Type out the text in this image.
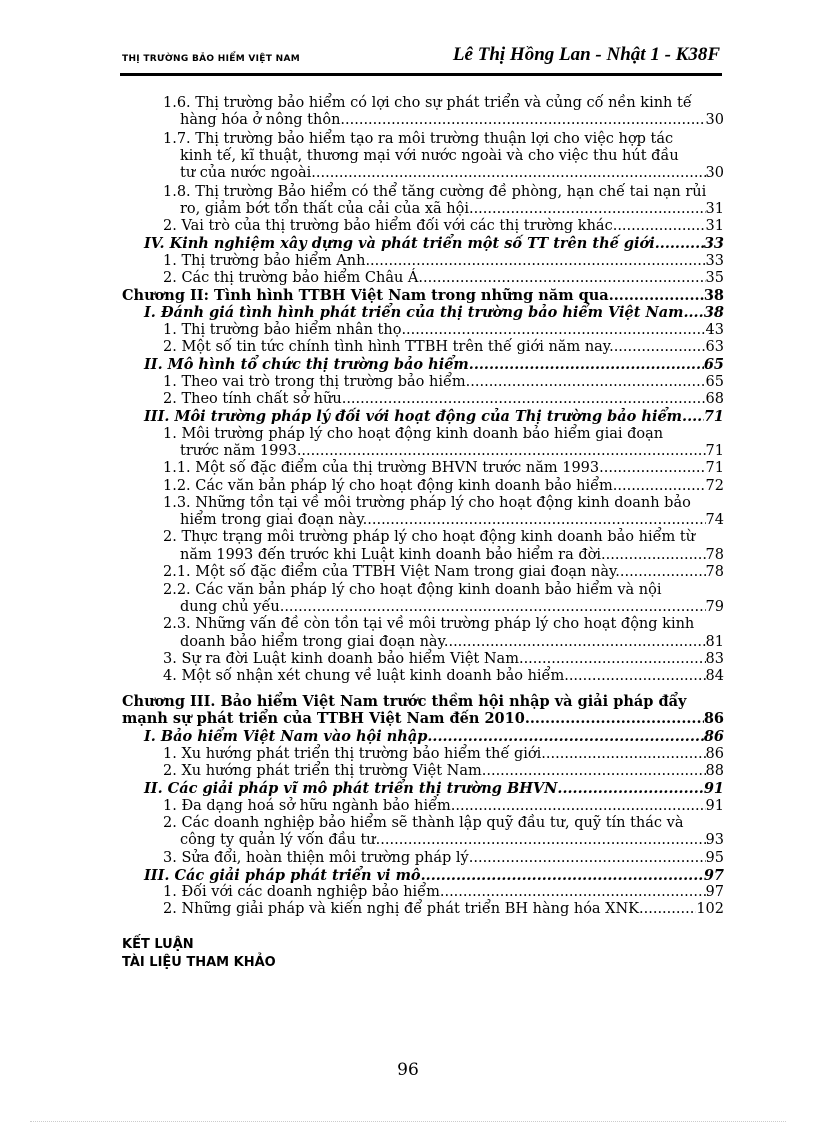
THỊ TRƯỜNG BẢO HIỂM VIỆT NAM	Lê Thị Hồng Lan - Nhật 1 - K38F
1.6. Thị trường bảo hiểm có lợi cho sự phát triển và củng cố nền kinh tế
hàng hóa ở nông thôn. .....	30
1.7. Thị trường bảo hiểm tạo ra môi trường thuận lợi cho việc hợp tác
kinh tế, kĩ thuật, thương mại với nước ngoài và cho việc thu hút đầu
tư của nước ngoài. .....	30
1.8. Thị trường Bảo hiểm có thể tăng cường đề phòng, hạn chế tai nạn rủi
ro, giảm bớt tổn thất của cải của xã hội. .....	31
2. Vai trò của thị trường bảo hiểm đối với các thị trường khác. .....	31
IV. Kinh nghiệm xây dựng và phát triển một số TT trên thế giới .....	33
1. Thị trường bảo hiểm Anh .....	33
2. Các thị trường bảo hiểm Châu Á .....	35
Chương II: Tình hình TTBH Việt Nam trong những năm qua .....	38
I. Đánh giá tình hình phát triển của thị trường bảo hiểm Việt Nam ..... 38
1. Thị trường bảo hiểm nhân thọ .....	43
2. Một số tin tức chính tình hình TTBH trên thế giới năm nay. .....	63
II. Mô hình tổ chức thị trường bảo hiểm. .....	65
1. Theo vai trò trong thị trường bảo hiểm. .....	65
2. Theo tính chất sở hữu. .....	68
III. Môi trường pháp lý đối với hoạt động của Thị trường bảo hiểm. ..... 71
1. Môi trường pháp lý cho hoạt động kinh doanh bảo hiểm giai đoạn
trước năm 1993 .....	71
1.1. Một số đặc điểm của thị trường BHVN trước năm 1993 .....	71
1.2. Các văn bản pháp lý cho hoạt động kinh doanh bảo hiểm. .....	72
1.3. Những tồn tại về môi trường pháp lý cho hoạt động kinh doanh bảo
hiểm trong giai đoạn này. .....	74
2. Thực trạng môi trường pháp lý cho hoạt động kinh doanh bảo hiểm từ
năm 1993 đến trước khi Luật kinh doanh bảo hiểm ra đời .....	78
2.1. Một số đặc điểm của TTBH Việt Nam trong giai đoạn này. .....	78
2.2. Các văn bản pháp lý cho hoạt động kinh doanh bảo hiểm và nội
dung chủ yếu .....	79
2.3. Những vấn đề còn tồn tại về môi trường pháp lý cho hoạt động kinh
doanh bảo hiểm trong giai đoạn này. .....	81
3. Sự ra đời Luật kinh doanh bảo hiểm Việt Nam. .....	83
4. Một số nhận xét chung về luật kinh doanh bảo hiểm .....	84
Chương III. Bảo hiểm Việt Nam trước thềm hội nhập và giải pháp đẩy
mạnh sự phát triển của TTBH Việt Nam đến 2010 .....	86
I. Bảo hiểm Việt Nam vào hội nhập .....	86
1. Xu hướng phát triển thị trường bảo hiểm thế giới. .....	86
2. Xu hướng phát triển thị trường Việt Nam .....	88
II. Các giải pháp vĩ mô phát triển thị trường BHVN .....	91
1. Đa dạng hoá sở hữu ngành bảo hiểm. .....	91
2. Các doanh nghiệp bảo hiểm sẽ thành lập quỹ đầu tư, quỹ tín thác và
công ty quản lý vốn đầu tư. .....	93
3. Sửa đổi, hoàn thiện môi trường pháp lý .....	95
III. Các giải pháp phát triển vi mô .....	97
1. Đối với các doanh nghiệp bảo hiểm .....	97
2. Những giải pháp và kiến nghị để phát triển BH hàng hóa XNK .....	102
KẾT LUẬN
TÀI LIỆU THAM KHẢO
96
